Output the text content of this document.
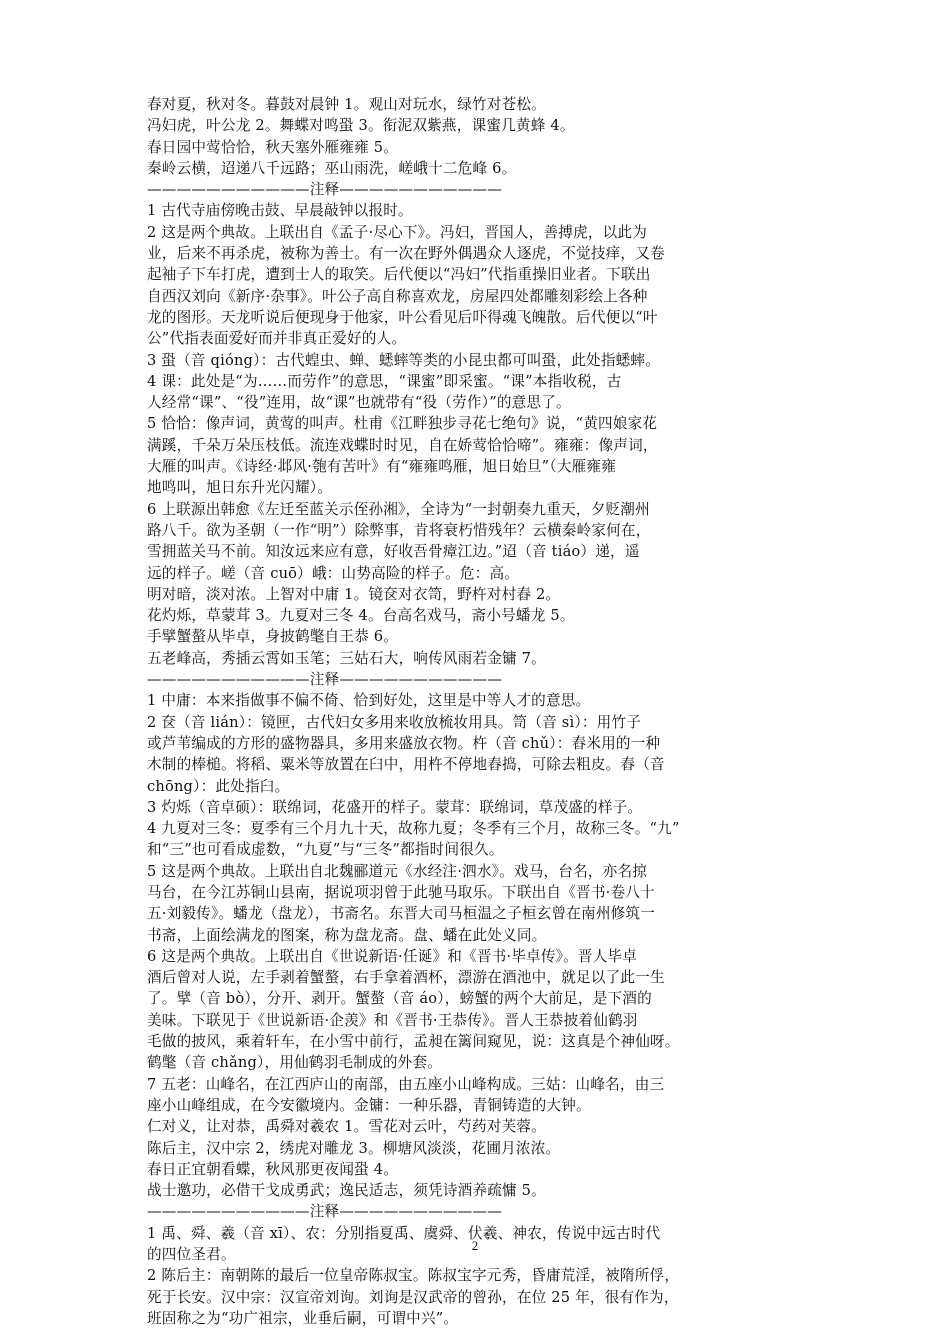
春对夏，秋对冬。暮鼓对晨钟 1。观山对玩水，绿竹对苍松。
冯妇虎，叶公龙 2。舞蝶对鸣蛩 3。衔泥双紫燕，课蜜几黄蜂 4。
春日园中莺恰恰，秋天塞外雁雍雍 5。
秦岭云横，迢递八千远路；巫山雨洗，嵯峨十二危峰 6。
———————————注释———————————
1 古代寺庙傍晚击鼓、早晨敲钟以报时。
2 这是两个典故。上联出自《孟子·尽心下》。冯妇，晋国人，善搏虎，以此为
业，后来不再杀虎，被称为善士。有一次在野外偶遇众人逐虎，不觉技痒，又卷
起袖子下车打虎，遭到士人的取笑。后代便以“冯妇”代指重操旧业者。下联出
自西汉刘向《新序·杂事》。叶公子高自称喜欢龙，房屋四处都雕刻彩绘上各种
龙的图形。天龙听说后便现身于他家，叶公看见后吓得魂飞魄散。后代便以“叶
公”代指表面爱好而并非真正爱好的人。
3 蛩（音 qióng）：古代蝗虫、蝉、蟋蟀等类的小昆虫都可叫蛩，此处指蟋蟀。
4 课：此处是“为……而劳作”的意思，“课蜜”即采蜜。“课”本指收税，古
人经常“课”、“役”连用，故“课”也就带有“役（劳作）”的意思了。
5 恰恰：像声词，黄莺的叫声。杜甫《江畔独步寻花七绝句》说，“黄四娘家花
满蹊，千朵万朵压枝低。流连戏蝶时时见，自在娇莺恰恰啼”。雍雍：像声词，
大雁的叫声。《诗经·邶风·匏有苦叶》有“雍雍鸣雁，旭日始旦”（大雁雍雍
地鸣叫，旭日东升光闪耀）。
6 上联源出韩愈《左迁至蓝关示侄孙湘》，全诗为“一封朝奏九重天，夕贬潮州
路八千。欲为圣朝（一作“明”）除弊事，肯将衰朽惜残年？云横秦岭家何在，
雪拥蓝关马不前。知汝远来应有意，好收吾骨瘴江边。”迢（音 tiáo）递，遥
远的样子。嵯（音 cuō）峨：山势高险的样子。危：高。
明对暗，淡对浓。上智对中庸 1。镜奁对衣笥，野杵对村舂 2。
花灼烁，草蒙茸 3。九夏对三冬 4。台高名戏马，斋小号蟠龙 5。
手擘蟹螯从毕卓，身披鹤氅自王恭 6。
五老峰高，秀插云霄如玉笔；三姑石大，响传风雨若金镛 7。
———————————注释———————————
1 中庸：本来指做事不偏不倚、恰到好处，这里是中等人才的意思。
2 奁（音 lián）：镜匣，古代妇女多用来收放梳妆用具。笥（音 sì）：用竹子
或芦苇编成的方形的盛物器具，多用来盛放衣物。杵（音 chǔ）：舂米用的一种
木制的棒槌。将稻、粟米等放置在臼中，用杵不停地舂捣，可除去粗皮。舂（音
chōng）：此处指臼。
3 灼烁（音卓硕）：联绵词，花盛开的样子。蒙茸：联绵词，草茂盛的样子。
4 九夏对三冬：夏季有三个月九十天，故称九夏；冬季有三个月，故称三冬。“九”
和“三”也可看成虚数，“九夏”与“三冬”都指时间很久。
5 这是两个典故。上联出自北魏郦道元《水经注·泗水》。戏马，台名，亦名掠
马台，在今江苏铜山县南，据说项羽曾于此驰马取乐。下联出自《晋书·卷八十
五·刘毅传》。蟠龙（盘龙），书斋名。东晋大司马桓温之子桓玄曾在南州修筑一
书斋，上面绘满龙的图案，称为盘龙斋。盘、蟠在此处义同。
6 这是两个典故。上联出自《世说新语·任诞》和《晋书·毕卓传》。晋人毕卓
酒后曾对人说，左手剥着蟹螯，右手拿着酒杯，漂游在酒池中，就足以了此一生
了。擘（音 bò），分开、剥开。蟹螯（音 áo），螃蟹的两个大前足，是下酒的
美味。下联见于《世说新语·企羡》和《晋书·王恭传》。晋人王恭披着仙鹤羽
毛做的披风，乘着轩车，在小雪中前行，孟昶在篱间窥见，说：这真是个神仙呀。
鹤氅（音 chǎng），用仙鹤羽毛制成的外套。
7 五老：山峰名，在江西庐山的南部，由五座小山峰构成。三姑：山峰名，由三
座小山峰组成，在今安徽境内。金镛：一种乐器，青铜铸造的大钟。
仁对义，让对恭，禹舜对羲农 1。雪花对云叶，芍药对芙蓉。
陈后主，汉中宗 2，绣虎对雕龙 3。柳塘风淡淡，花圃月浓浓。
春日正宜朝看蝶，秋风那更夜闻蛩 4。
战士邀功，必借干戈成勇武；逸民适志，须凭诗酒养疏慵 5。
———————————注释———————————
1 禹、舜、羲（音 xī）、农：分别指夏禹、虞舜、伏羲、神农，传说中远古时代
的四位圣君。
2 陈后主：南朝陈的最后一位皇帝陈叔宝。陈叔宝字元秀，昏庸荒淫，被隋所俘，
死于长安。汉中宗：汉宣帝刘询。刘询是汉武帝的曾孙，在位 25 年，很有作为，
班固称之为“功广祖宗，业垂后嗣，可谓中兴”。
2
